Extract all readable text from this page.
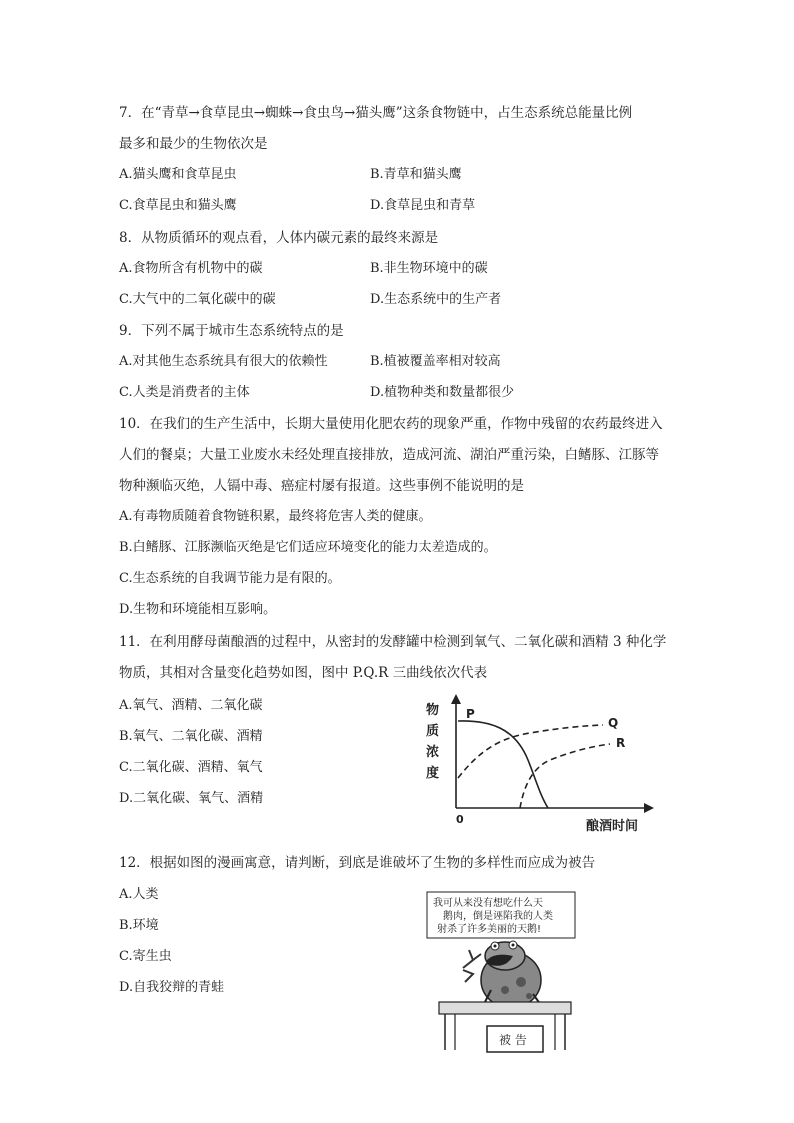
7．在“青草→食草昆虫→蜘蛛→食虫鸟→猫头鹰”这条食物链中，占生态系统总能量比例
最多和最少的生物依次是
A.猫头鹰和食草昆虫	B.青草和猫头鹰
C.食草昆虫和猫头鹰	D.食草昆虫和青草
8．从物质循环的观点看，人体内碳元素的最终来源是
A.食物所含有机物中的碳	B.非生物环境中的碳
C.大气中的二氧化碳中的碳	D.生态系统中的生产者
9．下列不属于城市生态系统特点的是
A.对其他生态系统具有很大的依赖性	B.植被覆盖率相对较高
C.人类是消费者的主体	D.植物种类和数量都很少
10．在我们的生产生活中，长期大量使用化肥农药的现象严重，作物中残留的农药最终进入
人们的餐桌；大量工业废水未经处理直接排放，造成河流、湖泊严重污染，白鳍豚、江豚等
物种濒临灭绝，人镉中毒、癌症村屡有报道。这些事例不能说明的是
A.有毒物质随着食物链积累，最终将危害人类的健康。
B.白鳍豚、江豚濒临灭绝是它们适应环境变化的能力太差造成的。
C.生态系统的自我调节能力是有限的。
D.生物和环境能相互影响。
11．在利用酵母菌酿酒的过程中，从密封的发酵罐中检测到氧气、二氧化碳和酒精 3 种化学
物质，其相对含量变化趋势如图，图中 P.Q.R 三曲线依次代表
A.氧气、酒精、二氧化碳
B.氧气、二氧化碳、酒精
C.二氧化碳、酒精、氧气
D.二氧化碳、氧气、酒精
物
质
浓
度
0	酿酒时间
P
Q
R
12．根据如图的漫画寓意，请判断，到底是谁破坏了生物的多样性而应成为被告
A.人类
B.环境
C.寄生虫
D.自我狡辩的青蛙
我可从来没有想吃什么天
鹅肉，倒是诬陷我的人类
射杀了许多美丽的天鹅!
被 告
